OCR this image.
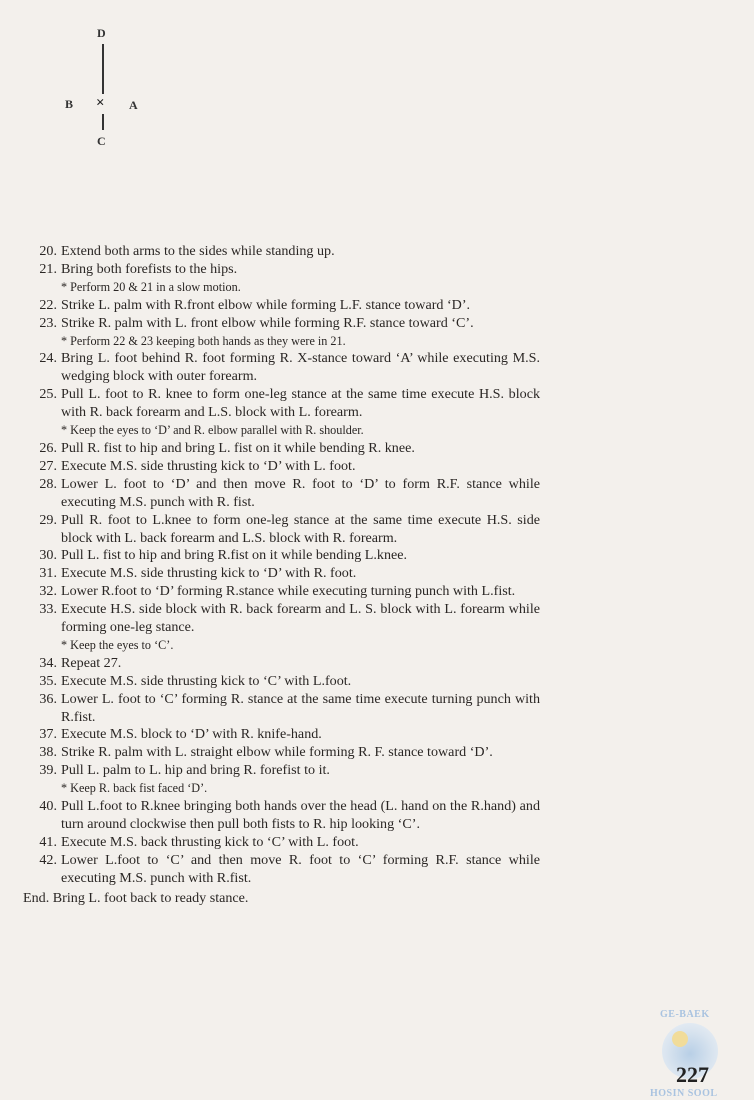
D
B × A
C
20. Extend both arms to the sides while standing up.
21. Bring both forefists to the hips.
* Perform 20 & 21 in a slow motion.
22. Strike L. palm with R.front elbow while forming L.F. stance toward ‘D’.
23. Strike R. palm with L. front elbow while forming R.F. stance toward ‘C’.
* Perform 22 & 23 keeping both hands as they were in 21.
24. Bring L. foot behind R. foot forming R. X-stance toward ‘A’ while executing M.S. wedging block with outer forearm.
25. Pull L. foot to R. knee to form one-leg stance at the same time execute H.S. block with R. back forearm and L.S. block with L. forearm.
* Keep the eyes to ‘D’ and R. elbow parallel with R. shoulder.
26. Pull R. fist to hip and bring L. fist on it while bending R. knee.
27. Execute M.S. side thrusting kick to ‘D’ with L. foot.
28. Lower L. foot to ‘D’ and then move R. foot to ‘D’ to form R.F. stance while executing M.S. punch with R. fist.
29. Pull R. foot to L.knee to form one-leg stance at the same time execute H.S. side block with L. back forearm and L.S. block with R. forearm.
30. Pull L. fist to hip and bring R.fist on it while bending L.knee.
31. Execute M.S. side thrusting kick to ‘D’ with R. foot.
32. Lower R.foot to ‘D’ forming R.stance while executing turning punch with L.fist.
33. Execute H.S. side block with R. back forearm and L. S. block with L. forearm while forming one-leg stance.
* Keep the eyes to ‘C’.
34. Repeat 27.
35. Execute M.S. side thrusting kick to ‘C’ with L.foot.
36. Lower L. foot to ‘C’ forming R. stance at the same time execute turning punch with R.fist.
37. Execute M.S. block to ‘D’ with R. knife-hand.
38. Strike R. palm with L. straight elbow while forming R. F. stance toward ‘D’.
39. Pull L. palm to L. hip and bring R. forefist to it.
* Keep R. back fist faced ‘D’.
40. Pull L.foot to R.knee bringing both hands over the head (L. hand on the R.hand) and turn around clockwise then pull both fists to R. hip looking ‘C’.
41. Execute M.S. back thrusting kick to ‘C’ with L. foot.
42. Lower L.foot to ‘C’ and then move R. foot to ‘C’ forming R.F. stance while executing M.S. punch with R.fist.
End. Bring L. foot back to ready stance.
GE-BAEK
HOSIN SOOL
227
